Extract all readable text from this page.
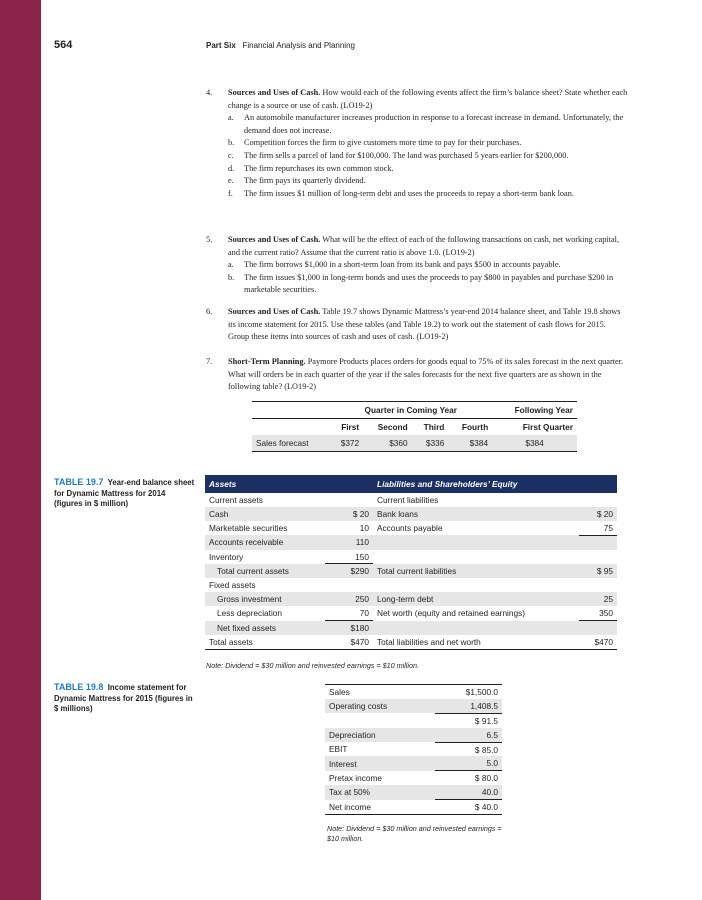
564	Part Six Financial Analysis and Planning
4.	Sources and Uses of Cash. How would each of the following events affect the firm’s balance sheet? State whether each change is a source or use of cash. (LO19-2)
a. An automobile manufacturer increases production in response to a forecast increase in demand. Unfortunately, the demand does not increase.
b. Competition forces the firm to give customers more time to pay for their purchases.
c. The firm sells a parcel of land for $100,000. The land was purchased 5 years earlier for $200,000.
d. The firm repurchases its own common stock.
e. The firm pays its quarterly dividend.
f. The firm issues $1 million of long-term debt and uses the proceeds to repay a short-term bank loan.
5.	Sources and Uses of Cash. What will be the effect of each of the following transactions on cash, net working capital, and the current ratio? Assume that the current ratio is above 1.0. (LO19-2)
a. The firm borrows $1,000 in a short-term loan from its bank and pays $500 in accounts payable.
b. The firm issues $1,000 in long-term bonds and uses the proceeds to pay $800 in payables and purchase $200 in marketable securities.
6.	Sources and Uses of Cash. Table 19.7 shows Dynamic Mattress’s year-end 2014 balance sheet, and Table 19.8 shows its income statement for 2015. Use these tables (and Table 19.2) to work out the statement of cash flows for 2015. Group these items into sources of cash and uses of cash. (LO19-2)
7.	Short-Term Planning. Paymore Products places orders for goods equal to 75% of its sales forecast in the next quarter. What will orders be in each quarter of the year if the sales forecasts for the next five quarters are as shown in the following table? (LO19-2)
	Quarter in Coming Year				Following Year
	First	Second	Third	Fourth	First Quarter
Sales forecast	$372	$360	$336	$384	$384
TABLE 19.7 Year-end balance sheet for Dynamic Mattress for 2014 (figures in $ million)
Assets		Liabilities and Shareholders’ Equity	
Current assets		Current liabilities	
Cash	$ 20	Bank loans	$ 20
Marketable securities	10	Accounts payable	75
Accounts receivable	110		
Inventory	150		
Total current assets	$290	Total current liabilities	$ 95
Fixed assets			
Gross investment	250	Long-term debt	25
Less depreciation	70	Net worth (equity and retained earnings)	350
Net fixed assets	$180		
Total assets	$470	Total liabilities and net worth	$470
Note: Dividend = $30 million and reinvested earnings = $10 million.
TABLE 19.8 Income statement for Dynamic Mattress for 2015 (figures in $ millions)
Sales	$1,500.0
Operating costs	1,408.5
	$ 91.5
Depreciation	6.5
EBIT	$ 85.0
Interest	5.0
Pretax income	$ 80.0
Tax at 50%	40.0
Net income	$ 40.0
Note: Dividend = $30 million and reinvested earnings = $10 million.
